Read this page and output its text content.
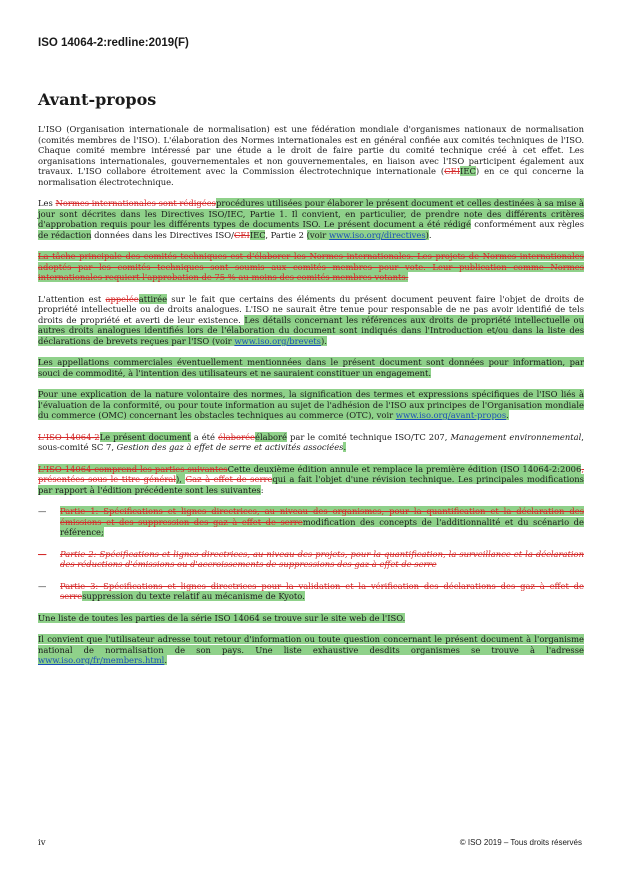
ISO 14064-2:redline:2019(F)
Avant-propos

L'ISO (Organisation internationale de normalisation) est une fédération mondiale d'organismes nationaux de normalisation (comités membres de l'ISO). L'élaboration des Normes internationales est en général confiée aux comités techniques de l'ISO. Chaque comité membre intéressé par une étude a le droit de faire partie du comité technique créé à cet effet. Les organisations internationales, gouvernementales et non gouvernementales, en liaison avec l'ISO participent également aux travaux. L'ISO collabore étroitement avec la Commission électrotechnique internationale (CEIIEC) en ce qui concerne la normalisation électrotechnique.

Les Normes internationales sont rédigéesprocédures utilisées pour élaborer le présent document et celles destinées à sa mise à jour sont décrites dans les Directives ISO/IEC, Partie 1. Il convient, en particulier, de prendre note des différents critères d'approbation requis pour les différents types de documents ISO. Le présent document a été rédigé conformément aux règles de rédaction données dans les Directives ISO/CEIIEC, Partie 2 (voir www.iso.org/directives).

La tâche principale des comités techniques est d'élaborer les Normes internationales. Les projets de Normes internationales adoptés par les comités techniques sont soumis aux comités membres pour vote. Leur publication comme Normes internationales requiert l'approbation de 75 % au moins des comités membres votants.

L'attention est appeléeattirée sur le fait que certains des éléments du présent document peuvent faire l'objet de droits de propriété intellectuelle ou de droits analogues. L'ISO ne saurait être tenue pour responsable de ne pas avoir identifié de tels droits de propriété et averti de leur existence. Les détails concernant les références aux droits de propriété intellectuelle ou autres droits analogues identifiés lors de l'élaboration du document sont indiqués dans l'Introduction et/ou dans la liste des déclarations de brevets reçues par l'ISO (voir www.iso.org/brevets).

Les appellations commerciales éventuellement mentionnées dans le présent document sont données pour information, par souci de commodité, à l'intention des utilisateurs et ne sauraient constituer un engagement.

Pour une explication de la nature volontaire des normes, la signification des termes et expressions spécifiques de l'ISO liés à l'évaluation de la conformité, ou pour toute information au sujet de l'adhésion de l'ISO aux principes de l'Organisation mondiale du commerce (OMC) concernant les obstacles techniques au commerce (OTC), voir www.iso.org/avant-propos.

L'ISO 14064-2Le présent document a été élaboréeélaboré par le comité technique ISO/TC 207, Management environnemental, sous-comité SC 7, Gestion des gaz à effet de serre et activités associées.

L'ISO 14064 comprend les parties suivantesCette deuxième édition annule et remplace la première édition (ISO 14064-2:2006, présentées sous le titre général), Gaz à effet de serrequi a fait l'objet d'une révision technique. Les principales modifications par rapport à l'édition précédente sont les suivantes:

— Partie 1: Spécifications et lignes directrices, au niveau des organismes, pour la quantification et la déclaration des émissions et des suppression des gaz à effet de serremodification des concepts de l'additionnalité et du scénario de référence;
— Partie 2: Spécifications et lignes directrices, au niveau des projets, pour la quantification, la surveillance et la déclaration des réductions d'émissions ou d'accroissements de suppressions des gaz à effet de serre
— Partie 3: Spécifications et lignes directrices pour la validation et la vérification des déclarations des gaz à effet de serresuppression du texte relatif au mécanisme de Kyoto.

Une liste de toutes les parties de la série ISO 14064 se trouve sur le site web de l'ISO.

Il convient que l'utilisateur adresse tout retour d'information ou toute question concernant le présent document à l'organisme national de normalisation de son pays. Une liste exhaustive desdits organismes se trouve à l'adresse www.iso.org/fr/members.html.

iv	© ISO 2019 – Tous droits réservés
